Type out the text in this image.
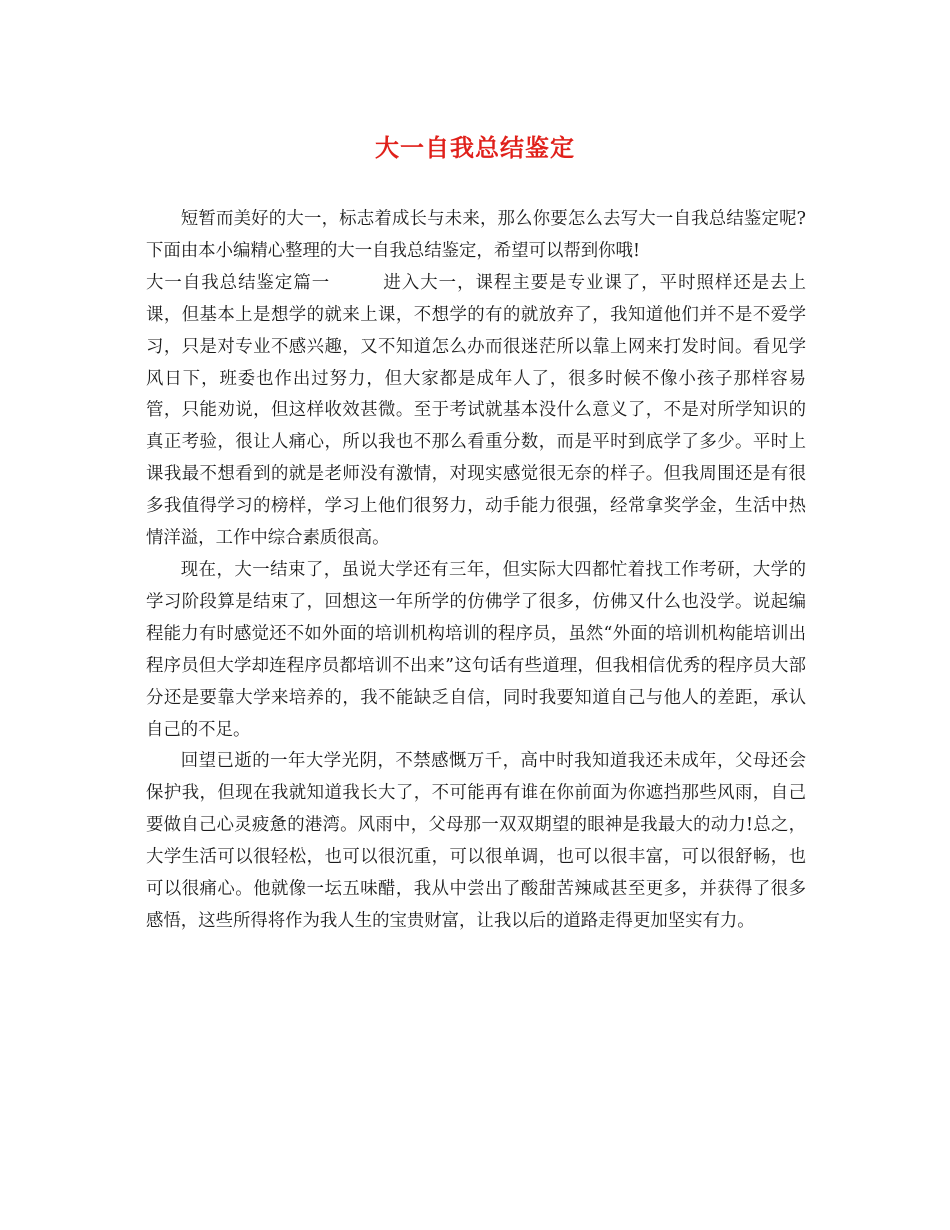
大一自我总结鉴定

短暂而美好的大一，标志着成长与未来，那么你要怎么去写大一自我总结鉴定呢?下面由本小编精心整理的大一自我总结鉴定，希望可以帮到你哦!

大一自我总结鉴定篇一	进入大一，课程主要是专业课了，平时照样还是去上课，但基本上是想学的就来上课，不想学的有的就放弃了，我知道他们并不是不爱学习，只是对专业不感兴趣，又不知道怎么办而很迷茫所以靠上网来打发时间。看见学风日下，班委也作出过努力，但大家都是成年人了，很多时候不像小孩子那样容易管，只能劝说，但这样收效甚微。至于考试就基本没什么意义了，不是对所学知识的真正考验，很让人痛心，所以我也不那么看重分数，而是平时到底学了多少。平时上课我最不想看到的就是老师没有激情，对现实感觉很无奈的样子。但我周围还是有很多我值得学习的榜样，学习上他们很努力，动手能力很强，经常拿奖学金，生活中热情洋溢，工作中综合素质很高。

现在，大一结束了，虽说大学还有三年，但实际大四都忙着找工作考研，大学的学习阶段算是结束了，回想这一年所学的仿佛学了很多，仿佛又什么也没学。说起编程能力有时感觉还不如外面的培训机构培训的程序员，虽然“外面的培训机构能培训出程序员但大学却连程序员都培训不出来”这句话有些道理，但我相信优秀的程序员大部分还是要靠大学来培养的，我不能缺乏自信，同时我要知道自己与他人的差距，承认自己的不足。

回望已逝的一年大学光阴，不禁感慨万千，高中时我知道我还未成年，父母还会保护我，但现在我就知道我长大了，不可能再有谁在你前面为你遮挡那些风雨，自己要做自己心灵疲惫的港湾。风雨中，父母那一双双期望的眼神是我最大的动力!总之，大学生活可以很轻松，也可以很沉重，可以很单调，也可以很丰富，可以很舒畅，也可以很痛心。他就像一坛五味醋，我从中尝出了酸甜苦辣咸甚至更多，并获得了很多感悟，这些所得将作为我人生的宝贵财富，让我以后的道路走得更加坚实有力。
